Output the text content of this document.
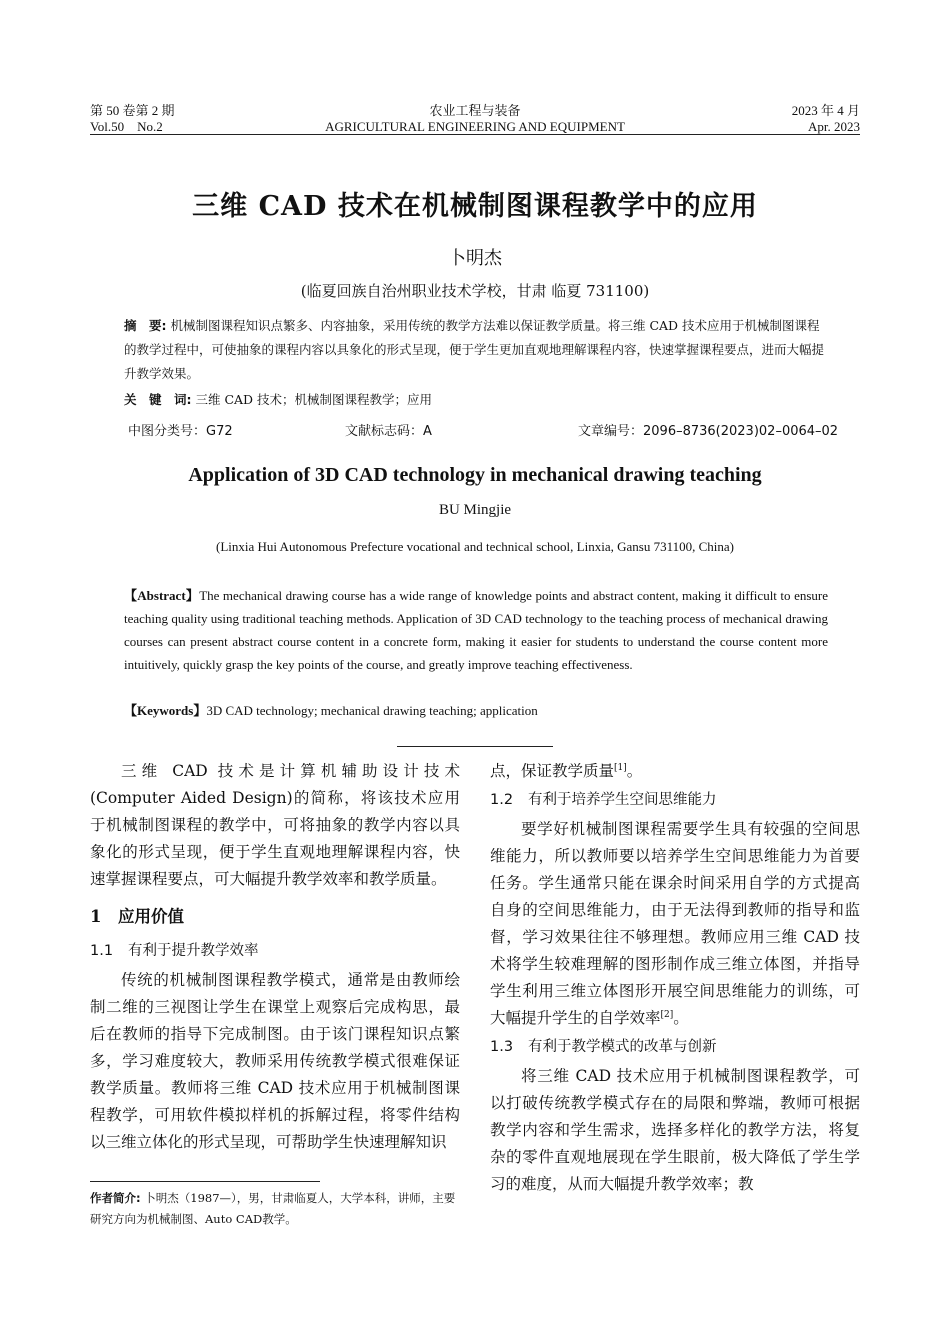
第 50 卷第 2 期
Vol.50    No.2
农业工程与装备
AGRICULTURAL ENGINEERING AND EQUIPMENT
2023 年 4 月
Apr. 2023
三维 CAD 技术在机械制图课程教学中的应用
卜明杰
(临夏回族自治州职业技术学校，甘肃 临夏 731100)
摘　要: 机械制图课程知识点繁多、内容抽象，采用传统的教学方法难以保证教学质量。将三维 CAD 技术应用于机械制图课程的教学过程中，可使抽象的课程内容以具象化的形式呈现，便于学生更加直观地理解课程内容，快速掌握课程要点，进而大幅提升教学效果。
关　键　词: 三维 CAD 技术；机械制图课程教学；应用
中图分类号：G72	文献标志码：A	文章编号：2096–8736(2023)02–0064–02
Application of 3D CAD technology in mechanical drawing teaching
BU Mingjie
(Linxia Hui Autonomous Prefecture vocational and technical school, Linxia, Gansu 731100, China)
【Abstract】The mechanical drawing course has a wide range of knowledge points and abstract content, making it difficult to ensure teaching quality using traditional teaching methods. Application of 3D CAD technology to the teaching process of mechanical drawing courses can present abstract course content in a concrete form, making it easier for students to understand the course content more intuitively, quickly grasp the key points of the course, and greatly improve teaching effectiveness.
【Keywords】3D CAD technology; mechanical drawing teaching; application

三维 CAD 技术是计算机辅助设计技术(Computer Aided Design)的简称，将该技术应用于机械制图课程的教学中，可将抽象的教学内容以具象化的形式呈现，便于学生直观地理解课程内容，快速掌握课程要点，可大幅提升教学效率和教学质量。

1　应用价值
1.1 有利于提升教学效率

传统的机械制图课程教学模式，通常是由教师绘制二维的三视图让学生在课堂上观察后完成构思，最后在教师的指导下完成制图。由于该门课程知识点繁多，学习难度较大，教师采用传统教学模式很难保证教学质量。教师将三维 CAD 技术应用于机械制图课程教学，可用软件模拟样机的拆解过程，将零件结构以三维立体化的形式呈现，可帮助学生快速理解知识

作者简介: 卜明杰（1987—），男，甘肃临夏人，大学本科，讲师，主要研究方向为机械制图、Auto CAD教学。

点，保证教学质量[1]。

1.2 有利于培养学生空间思维能力

要学好机械制图课程需要学生具有较强的空间思维能力，所以教师要以培养学生空间思维能力为首要任务。学生通常只能在课余时间采用自学的方式提高自身的空间思维能力，由于无法得到教师的指导和监督，学习效果往往不够理想。教师应用三维 CAD 技术将学生较难理解的图形制作成三维立体图，并指导学生利用三维立体图形开展空间思维能力的训练，可大幅提升学生的自学效率[2]。

1.3 有利于教学模式的改革与创新

将三维 CAD 技术应用于机械制图课程教学，可以打破传统教学模式存在的局限和弊端，教师可根据教学内容和学生需求，选择多样化的教学方法，将复杂的零件直观地展现在学生眼前，极大降低了学生学习的难度，从而大幅提升教学效率；教
